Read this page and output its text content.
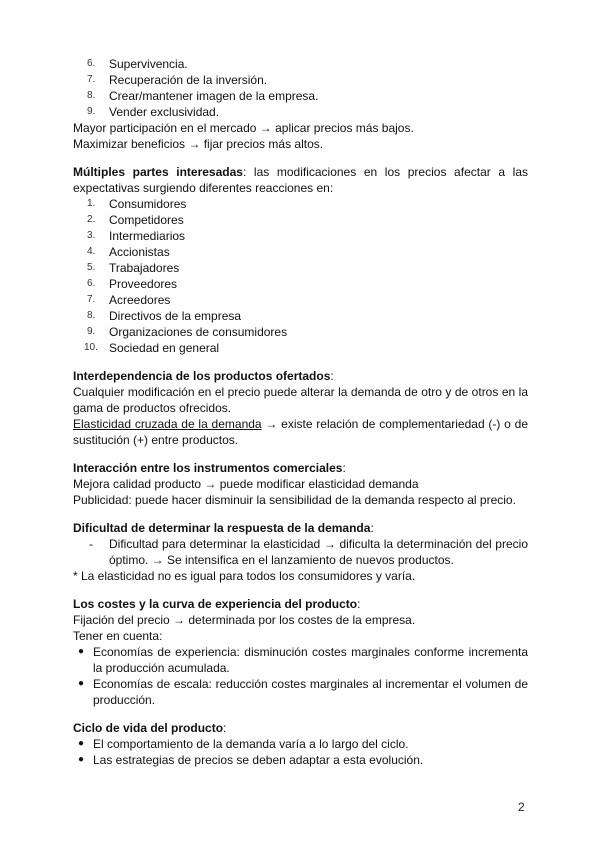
6.	Supervivencia.
7.	Recuperación de la inversión.
8.	Crear/mantener imagen de la empresa.
9.	Vender exclusividad.
Mayor participación en el mercado → aplicar precios más bajos.
Maximizar beneficios → fijar precios más altos.
Múltiples partes interesadas: las modificaciones en los precios afectar a las expectativas surgiendo diferentes reacciones en:
1.	Consumidores
2.	Competidores
3.	Intermediarios
4.	Accionistas
5.	Trabajadores
6.	Proveedores
7.	Acreedores
8.	Directivos de la empresa
9.	Organizaciones de consumidores
10. Sociedad en general
Interdependencia de los productos ofertados:
Cualquier modificación en el precio puede alterar la demanda de otro y de otros en la gama de productos ofrecidos.
Elasticidad cruzada de la demanda → existe relación de complementariedad (-) o de sustitución (+) entre productos.
Interacción entre los instrumentos comerciales:
Mejora calidad producto → puede modificar elasticidad demanda
Publicidad: puede hacer disminuir la sensibilidad de la demanda respecto al precio.
Dificultad de determinar la respuesta de la demanda:
- Dificultad para determinar la elasticidad → dificulta la determinación del precio óptimo. → Se intensifica en el lanzamiento de nuevos productos.
* La elasticidad no es igual para todos los consumidores y varía.
Los costes y la curva de experiencia del producto:
Fijación del precio → determinada por los costes de la empresa.
Tener en cuenta:
● Economías de experiencia: disminución costes marginales conforme incrementa la producción acumulada.
● Economías de escala: reducción costes marginales al incrementar el volumen de producción.
Ciclo de vida del producto:
● El comportamiento de la demanda varía a lo largo del ciclo.
● Las estrategias de precios se deben adaptar a esta evolución.
2
